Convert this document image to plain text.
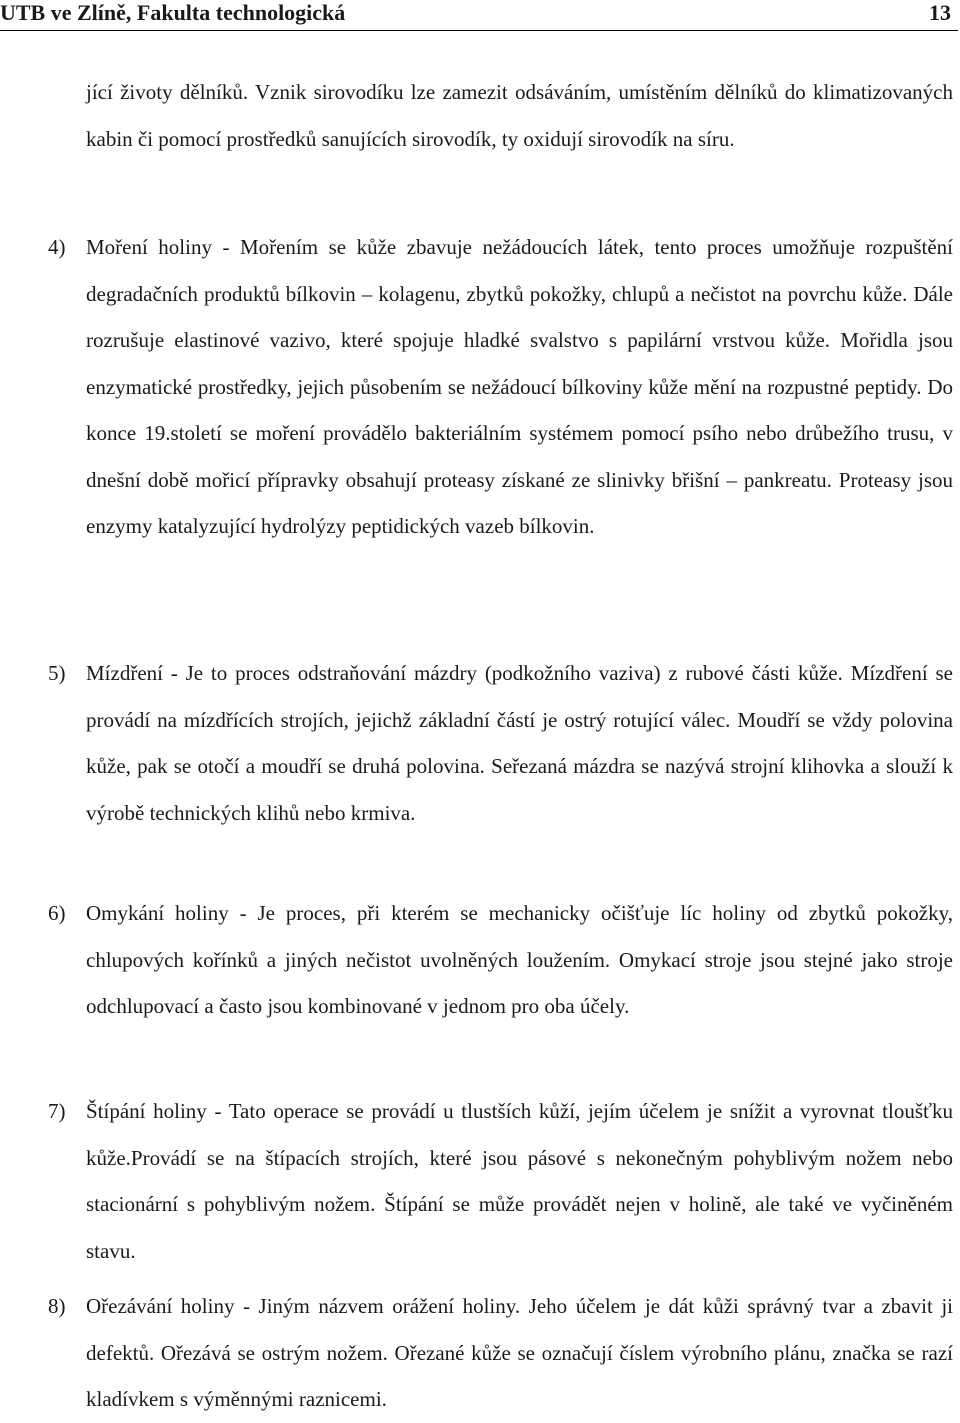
UTB ve Zlíně, Fakulta technologická	13
jící životy dělníků. Vznik sirovodíku lze zamezit odsáváním, umístěním dělníků do klimatizovaných kabin či pomocí prostředků sanujících sirovodík, ty oxidují sirovodík na síru.
4) Moření holiny - Mořením se kůže zbavuje nežádoucích látek, tento proces umožňuje rozpuštění degradačních produktů bílkovin – kolagenu, zbytků pokožky, chlupů a nečistot na povrchu kůže. Dále rozrušuje elastinové vazivo, které spojuje hladké svalstvo s papilární vrstvou kůže. Mořidla jsou enzymatické prostředky, jejich působením se nežádoucí bílkoviny kůže mění na rozpustné peptidy. Do konce 19.století se moření provádělo bakteriálním systémem pomocí psího nebo drůbežího trusu, v dnešní době mořicí přípravky obsahují proteasy získané ze slinivky břišní – pankreatu. Proteasy jsou enzymy katalyzující hydrolýzy peptidických vazeb bílkovin.
5) Mízdření - Je to proces odstraňování mázdry (podkožního vaziva) z rubové části kůže. Mízdření se provádí na mízdřících strojích, jejichž základní částí je ostrý rotující válec. Moudří se vždy polovina kůže, pak se otočí a moudří se druhá polovina. Seřezaná mázdra se nazývá strojní klihovka a slouží k výrobě technických klihů nebo krmiva.
6) Omykání holiny - Je proces, při kterém se mechanicky očišťuje líc holiny od zbytků pokožky, chlupových kořínků a jiných nečistot uvolněných loužením. Omykací stroje jsou stejné jako stroje odchlupovací a často jsou kombinované v jednom pro oba účely.
7) Štípání holiny - Tato operace se provádí u tlustších kůží, jejím účelem je snížit a vyrovnat tloušťku kůže.Provádí se na štípacích strojích, které jsou pásové s nekonečným pohyblivým nožem nebo stacionární s pohyblivým nožem. Štípání se může provádět nejen v holině, ale také ve vyčiněném stavu.
8) Ořezávání holiny - Jiným názvem orážení holiny. Jeho účelem je dát kůži správný tvar a zbavit ji defektů. Ořezává se ostrým nožem. Ořezané kůže se označují číslem výrobního plánu, značka se razí kladívkem s výměnnými raznicemi.
